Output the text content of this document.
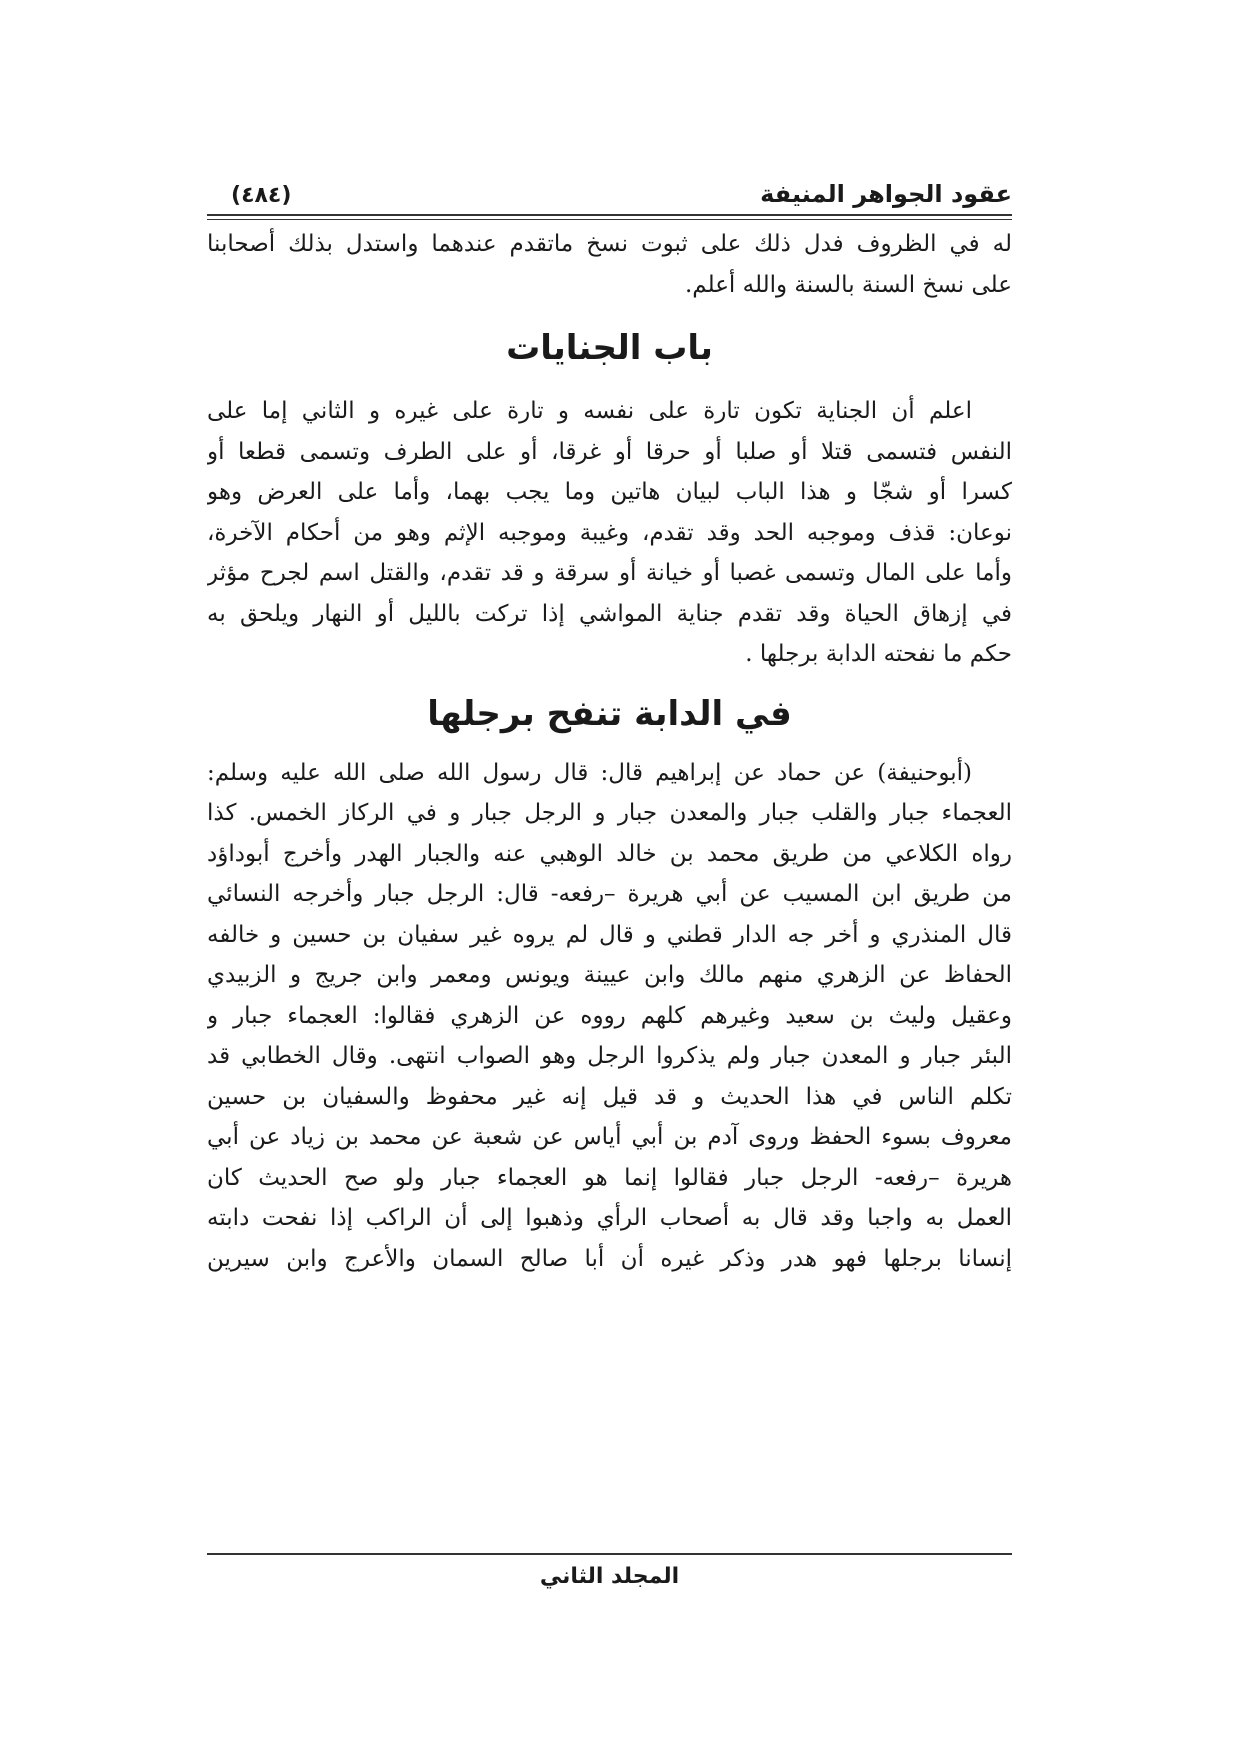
عقود الجواهر المنيفة
(٤٨٤)
له في الظروف فدل ذلك على ثبوت نسخ ماتقدم عندهما واستدل بذلك أصحابنا
على نسخ السنة بالسنة والله أعلم.
باب الجنايات
اعلم أن الجناية تكون تارة على نفسه و تارة على غيره و الثاني إما على
النفس فتسمى قتلا أو صلبا أو حرقا أو غرقا، أو على الطرف وتسمى قطعا أو
كسرا أو شجّا و هذا الباب لبيان هاتين وما يجب بهما، وأما على العرض وهو
نوعان: قذف وموجبه الحد وقد تقدم، وغيبة وموجبه الإثم وهو من أحكام الآخرة،
وأما على المال وتسمى غصبا أو خيانة أو سرقة و قد تقدم، والقتل اسم لجرح مؤثر
في إزهاق الحياة وقد تقدم جناية المواشي إذا تركت بالليل أو النهار ويلحق به
حكم ما نفحته الدابة برجلها .
في الدابة تنفح برجلها
(أبوحنيفة) عن حماد عن إبراهيم قال: قال رسول الله صلى الله عليه وسلم:
العجماء جبار والقلب جبار والمعدن جبار و الرجل جبار و في الركاز الخمس. كذا
رواه الكلاعي من طريق محمد بن خالد الوهبي عنه والجبار الهدر وأخرج أبوداؤد
من طريق ابن المسيب عن أبي هريرة –رفعه- قال: الرجل جبار وأخرجه النسائي
قال المنذري و أخر جه الدار قطني و قال لم يروه غير سفيان بن حسين و خالفه
الحفاظ عن الزهري منهم مالك وابن عيينة ويونس ومعمر وابن جريج و الزبيدي
وعقيل وليث بن سعيد وغيرهم كلهم رووه عن الزهري فقالوا: العجماء جبار و
البئر جبار و المعدن جبار ولم يذكروا الرجل وهو الصواب انتهى. وقال الخطابي قد
تكلم الناس في هذا الحديث و قد قيل إنه غير محفوظ والسفيان بن حسين
معروف بسوء الحفظ وروى آدم بن أبي أياس عن شعبة عن محمد بن زياد عن أبي
هريرة –رفعه- الرجل جبار فقالوا إنما هو العجماء جبار ولو صح الحديث كان
العمل به واجبا وقد قال به أصحاب الرأي وذهبوا إلى أن الراكب إذا نفحت دابته
إنسانا برجلها فهو هدر وذكر غيره أن أبا صالح السمان والأعرج وابن سيرين
المجلد الثاني
